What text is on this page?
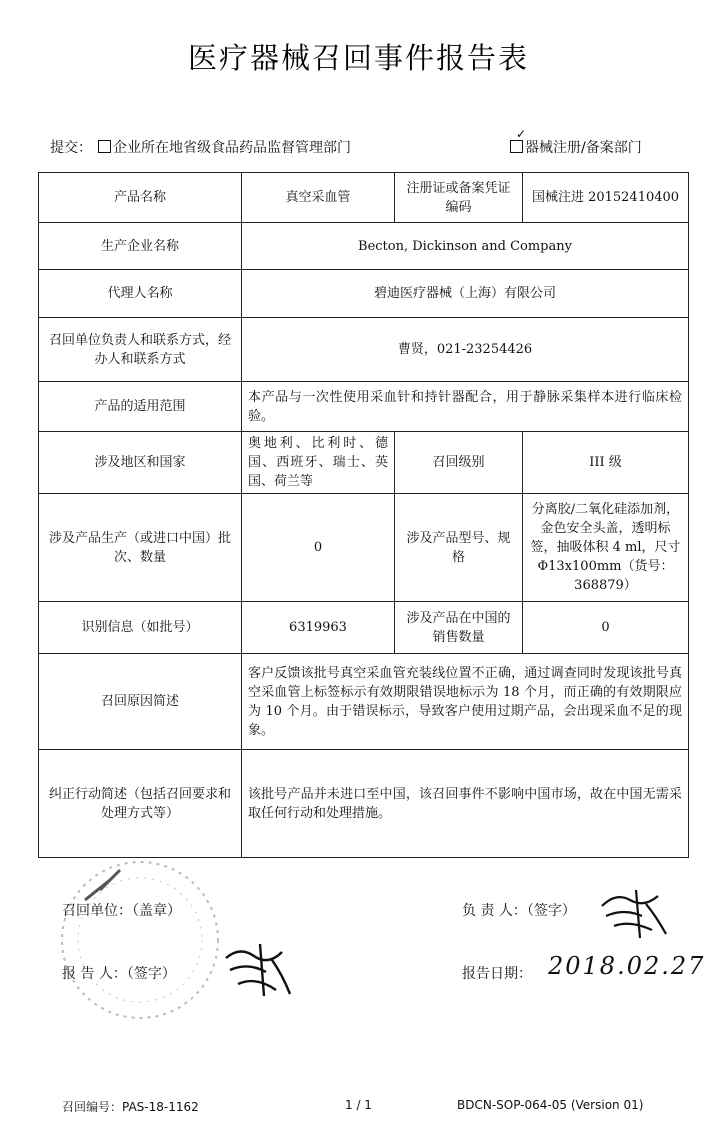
医疗器械召回事件报告表
提交：	企业所在地省级食品药品监督管理部门
✓
器械注册/备案部门
产品名称	真空采血管	注册证或备案凭证编码	国械注进 20152410400
生产企业名称	Becton, Dickinson and Company		
代理人名称	碧迪医疗器械（上海）有限公司		
召回单位负责人和联系方式，经办人和联系方式	曹贤，021-23254426		
产品的适用范围	本产品与一次性使用采血针和持针器配合，用于静脉采集样本进行临床检验。		
涉及地区和国家	奥地利、比利时、德国、西班牙、瑞士、英国、荷兰等	召回级别	III 级
涉及产品生产（或进口中国）批次、数量	0	涉及产品型号、规格	分离胶/二氧化硅添加剂，金色安全头盖，透明标签，抽吸体积 4 ml，尺寸 Φ13x100mm（货号：368879）
识别信息（如批号）	6319963	涉及产品在中国的销售数量	0
召回原因简述	客户反馈该批号真空采血管充装线位置不正确，通过调查同时发现该批号真空采血管上标签标示有效期限错误地标示为 18 个月，而正确的有效期限应为 10 个月。由于错误标示，导致客户使用过期产品，会出现采血不足的现象。		
纠正行动简述（包括召回要求和处理方式等）	该批号产品并未进口至中国，该召回事件不影响中国市场，故在中国无需采取任何行动和处理措施。		
召回单位：（盖章）	负 责 人：（签字）
报 告 人：（签字）	报告日期： 2018.02.27
召回编号：PAS-18-1162	1 / 1	BDCN-SOP-064-05 (Version 01)
